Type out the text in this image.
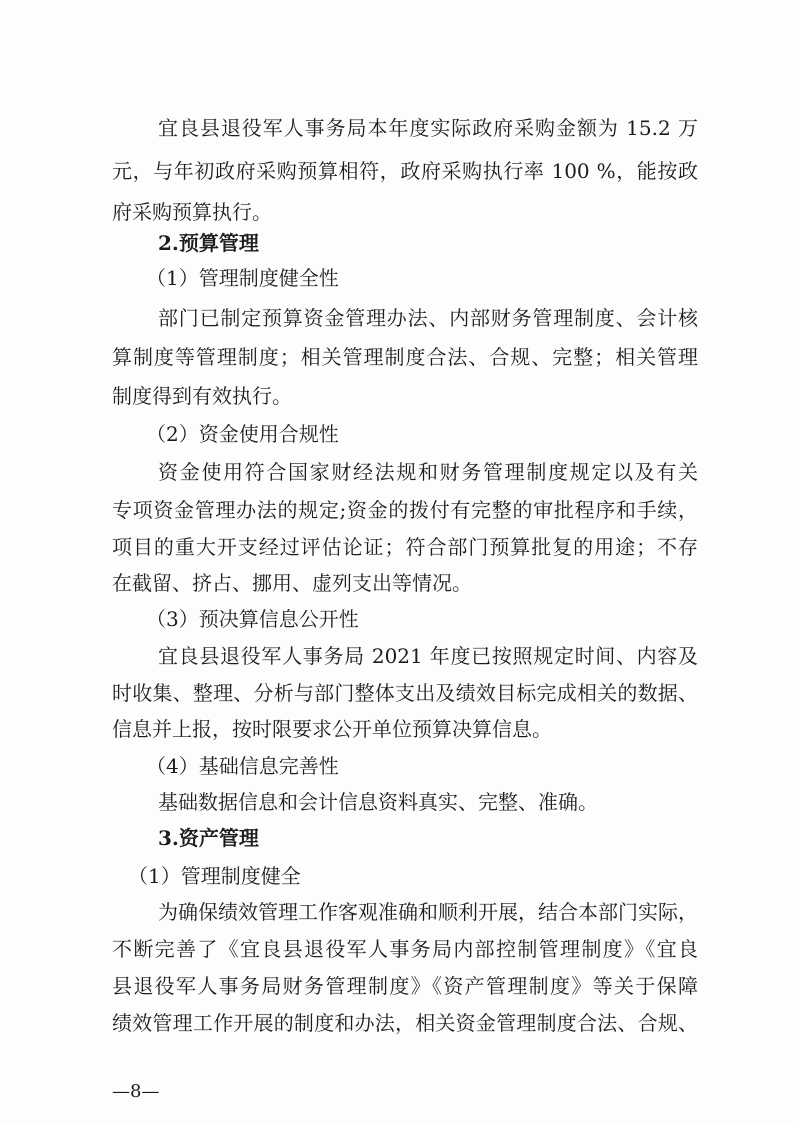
宜良县退役军人事务局本年度实际政府采购金额为 15.2 万
元，与年初政府采购预算相符，政府采购执行率 100 %，能按政
府采购预算执行。
2.预算管理
（1）管理制度健全性
部门已制定预算资金管理办法、内部财务管理制度、会计核
算制度等管理制度；相关管理制度合法、合规、完整；相关管理
制度得到有效执行。
（2）资金使用合规性
资金使用符合国家财经法规和财务管理制度规定以及有关
专项资金管理办法的规定;资金的拨付有完整的审批程序和手续，
项目的重大开支经过评估论证；符合部门预算批复的用途；不存
在截留、挤占、挪用、虚列支出等情况。
（3）预决算信息公开性
宜良县退役军人事务局 2021 年度已按照规定时间、内容及
时收集、整理、分析与部门整体支出及绩效目标完成相关的数据、
信息并上报，按时限要求公开单位预算决算信息。
（4）基础信息完善性
基础数据信息和会计信息资料真实、完整、准确。
3.资产管理
（1）管理制度健全
为确保绩效管理工作客观准确和顺利开展，结合本部门实际，
不断完善了《宜良县退役军人事务局内部控制管理制度》《宜良
县退役军人事务局财务管理制度》《资产管理制度》等关于保障
绩效管理工作开展的制度和办法，相关资金管理制度合法、合规、
—8—
